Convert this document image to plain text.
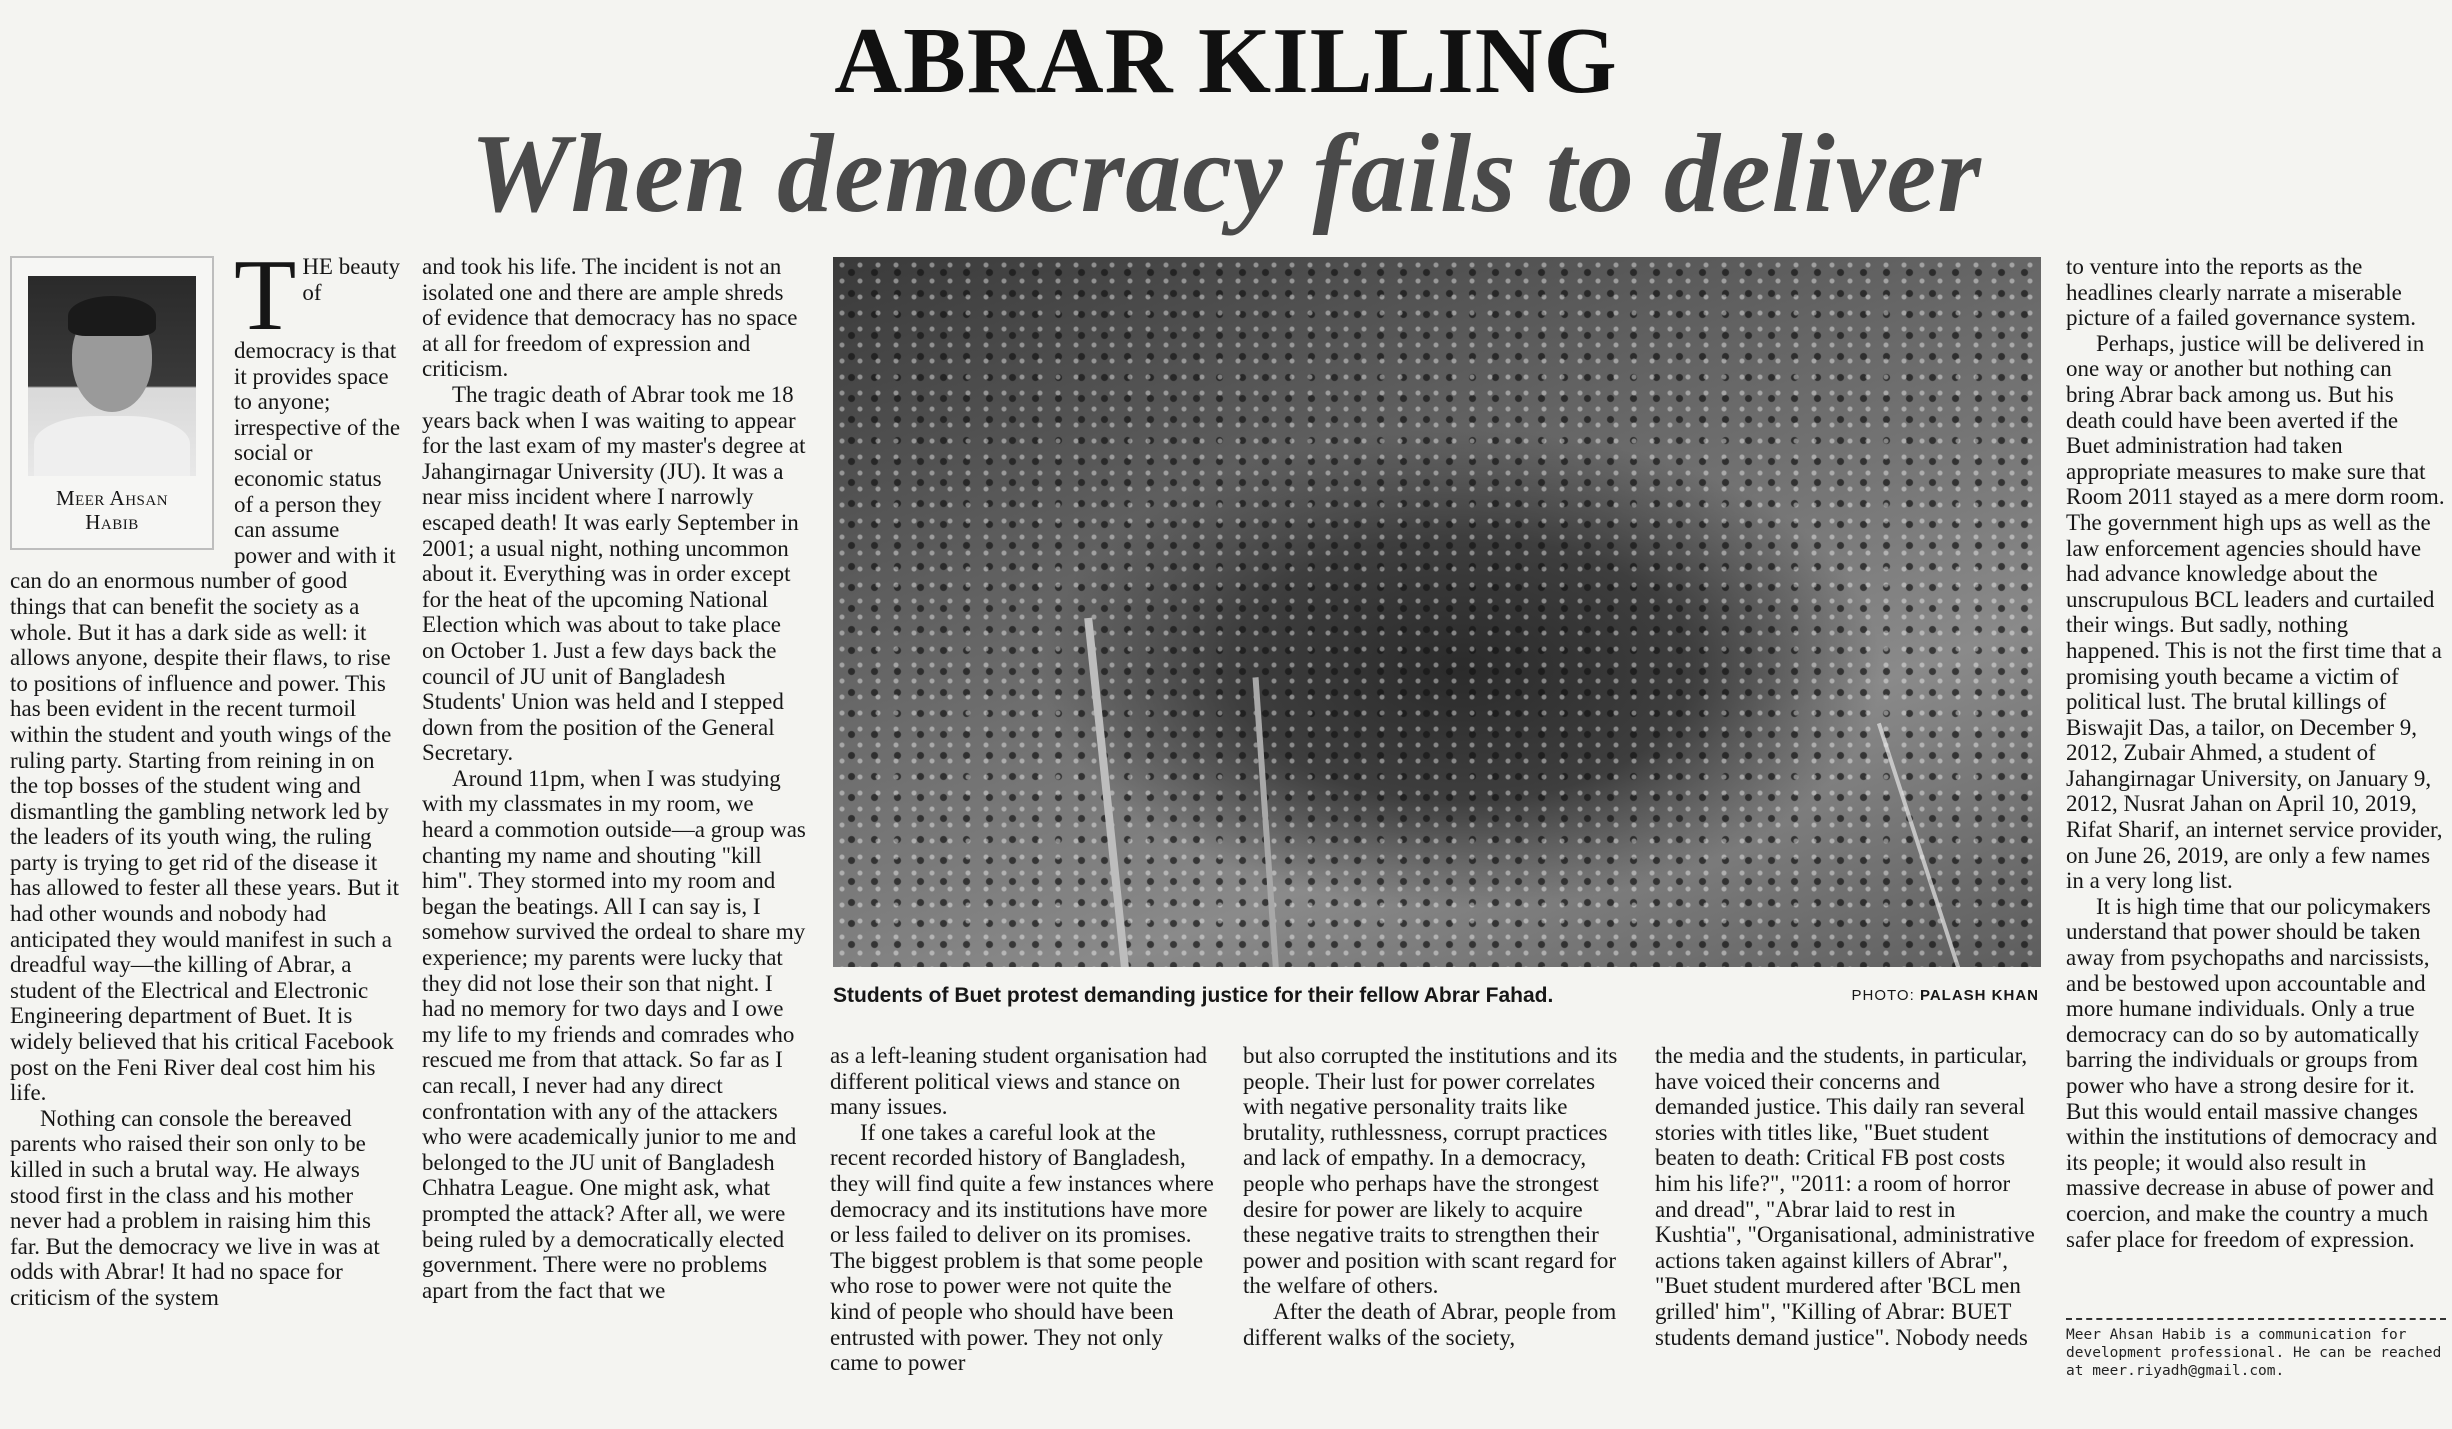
ABRAR KILLING
When democracy fails to deliver
Meer Ahsan
Habib
T HE beauty of democracy is that it provides space to anyone; irrespective of the social or economic status of a person they can assume power and with it can do an enormous number of good things that can benefit the society as a whole. But it has a dark side as well: it allows anyone, despite their flaws, to rise to positions of influence and power. This has been evident in the recent turmoil within the student and youth wings of the ruling party. Starting from reining in on the top bosses of the student wing and dismantling the gambling network led by the leaders of its youth wing, the ruling party is trying to get rid of the disease it has allowed to fester all these years. But it had other wounds and nobody had anticipated they would manifest in such a dreadful way—the killing of Abrar, a student of the Electrical and Electronic Engineering department of Buet. It is widely believed that his critical Facebook post on the Feni River deal cost him his life.

Nothing can console the bereaved parents who raised their son only to be killed in such a brutal way. He always stood first in the class and his mother never had a problem in raising him this far. But the democracy we live in was at odds with Abrar! It had no space for criticism of the system

and took his life. The incident is not an isolated one and there are ample shreds of evidence that democracy has no space at all for freedom of expression and criticism.

The tragic death of Abrar took me 18 years back when I was waiting to appear for the last exam of my master's degree at Jahangirnagar University (JU). It was a near miss incident where I narrowly escaped death! It was early September in 2001; a usual night, nothing uncommon about it. Everything was in order except for the heat of the upcoming National Election which was about to take place on October 1. Just a few days back the council of JU unit of Bangladesh Students' Union was held and I stepped down from the position of the General Secretary.

Around 11pm, when I was studying with my classmates in my room, we heard a commotion outside—a group was chanting my name and shouting "kill him". They stormed into my room and began the beatings. All I can say is, I somehow survived the ordeal to share my experience; my parents were lucky that they did not lose their son that night. I had no memory for two days and I owe my life to my friends and comrades who rescued me from that attack. So far as I can recall, I never had any direct confrontation with any of the attackers who were academically junior to me and belonged to the JU unit of Bangladesh Chhatra League. One might ask, what prompted the attack? After all, we were being ruled by a democratically elected government. There were no problems apart from the fact that we

Students of Buet protest demanding justice for their fellow Abrar Fahad.	PHOTO: PALASH KHAN

as a left-leaning student organisation had different political views and stance on many issues.

If one takes a careful look at the recent recorded history of Bangladesh, they will find quite a few instances where democracy and its institutions have more or less failed to deliver on its promises. The biggest problem is that some people who rose to power were not quite the kind of people who should have been entrusted with power. They not only came to power

but also corrupted the institutions and its people. Their lust for power correlates with negative personality traits like brutality, ruthlessness, corrupt practices and lack of empathy. In a democracy, people who perhaps have the strongest desire for power are likely to acquire these negative traits to strengthen their power and position with scant regard for the welfare of others.

After the death of Abrar, people from different walks of the society,

the media and the students, in particular, have voiced their concerns and demanded justice. This daily ran several stories with titles like, "Buet student beaten to death: Critical FB post costs him his life?", "2011: a room of horror and dread", "Abrar laid to rest in Kushtia", "Organisational, administrative actions taken against killers of Abrar", "Buet student murdered after 'BCL men grilled' him", "Killing of Abrar: BUET students demand justice". Nobody needs

to venture into the reports as the headlines clearly narrate a miserable picture of a failed governance system.

Perhaps, justice will be delivered in one way or another but nothing can bring Abrar back among us. But his death could have been averted if the Buet administration had taken appropriate measures to make sure that Room 2011 stayed as a mere dorm room. The government high ups as well as the law enforcement agencies should have had advance knowledge about the unscrupulous BCL leaders and curtailed their wings. But sadly, nothing happened. This is not the first time that a promising youth became a victim of political lust. The brutal killings of Biswajit Das, a tailor, on December 9, 2012, Zubair Ahmed, a student of Jahangirnagar University, on January 9, 2012, Nusrat Jahan on April 10, 2019, Rifat Sharif, an internet service provider, on June 26, 2019, are only a few names in a very long list.

It is high time that our policymakers understand that power should be taken away from psychopaths and narcissists, and be bestowed upon accountable and more humane individuals. Only a true democracy can do so by automatically barring the individuals or groups from power who have a strong desire for it. But this would entail massive changes within the institutions of democracy and its people; it would also result in massive decrease in abuse of power and coercion, and make the country a much safer place for freedom of expression.

Meer Ahsan Habib is a communication for development professional. He can be reached at meer.riyadh@gmail.com.
